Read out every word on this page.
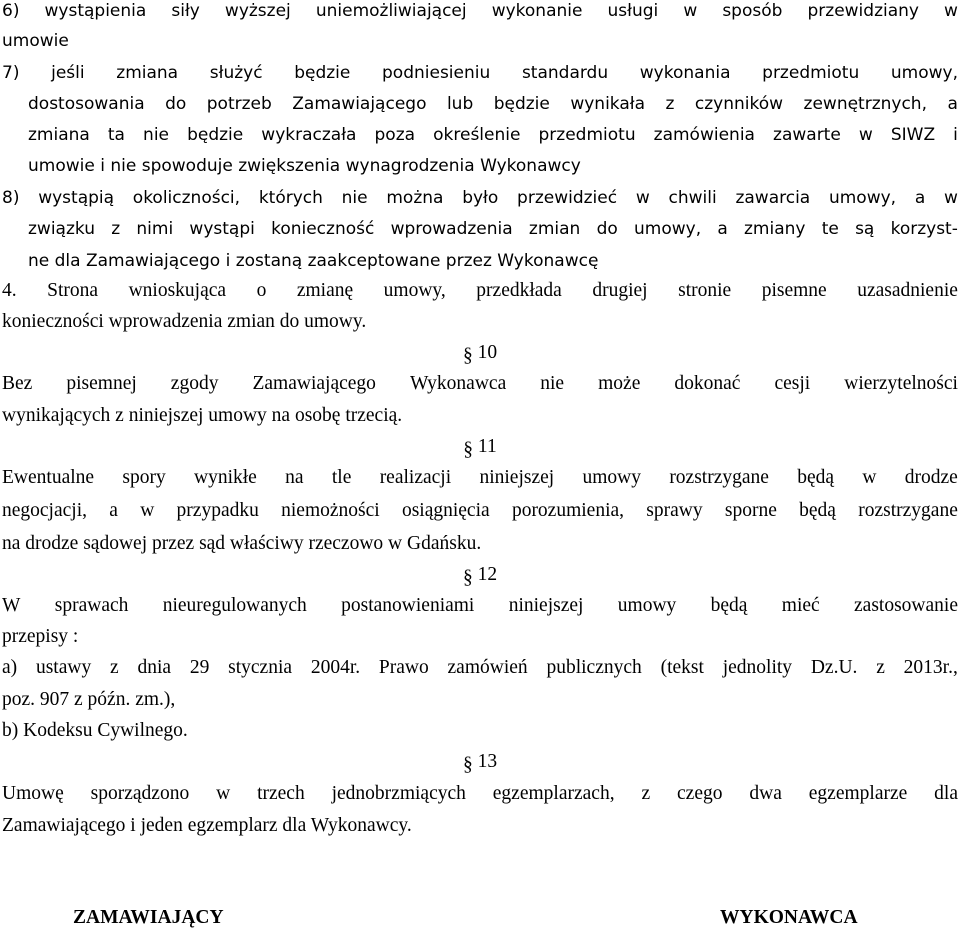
6) wystąpienia siły wyższej uniemożliwiającej wykonanie usługi w sposób przewidziany w
umowie
7) jeśli zmiana służyć będzie podniesieniu standardu wykonania przedmiotu umowy,
dostosowania do potrzeb Zamawiającego lub będzie wynikała z czynników zewnętrznych, a
zmiana ta nie będzie wykraczała poza określenie przedmiotu zamówienia zawarte w SIWZ i
umowie i nie spowoduje zwiększenia wynagrodzenia Wykonawcy
8) wystąpią okoliczności, których nie można było przewidzieć w chwili zawarcia umowy, a w
związku z nimi wystąpi konieczność wprowadzenia zmian do umowy, a zmiany te są korzyst-
ne dla Zamawiającego i zostaną zaakceptowane przez Wykonawcę
4. Strona wnioskująca o zmianę umowy, przedkłada drugiej stronie pisemne uzasadnienie
konieczności wprowadzenia zmian do umowy.
§ 10
Bez pisemnej zgody Zamawiającego Wykonawca nie może dokonać cesji wierzytelności
wynikających z niniejszej umowy na osobę trzecią.
§ 11
Ewentualne spory wynikłe na tle realizacji niniejszej umowy rozstrzygane będą w drodze
negocjacji, a w przypadku niemożności osiągnięcia porozumienia, sprawy sporne będą rozstrzygane
na drodze sądowej przez sąd właściwy rzeczowo w Gdańsku.
§ 12
W sprawach nieuregulowanych postanowieniami niniejszej umowy będą mieć zastosowanie
przepisy :
a) ustawy z dnia 29 stycznia 2004r. Prawo zamówień publicznych (tekst jednolity Dz.U. z 2013r.,
poz. 907 z późn. zm.),
b) Kodeksu Cywilnego.
§ 13
Umowę sporządzono w trzech jednobrzmiących egzemplarzach, z czego dwa egzemplarze dla
Zamawiającego i jeden egzemplarz dla Wykonawcy.
ZAMAWIAJĄCY	WYKONAWCA
